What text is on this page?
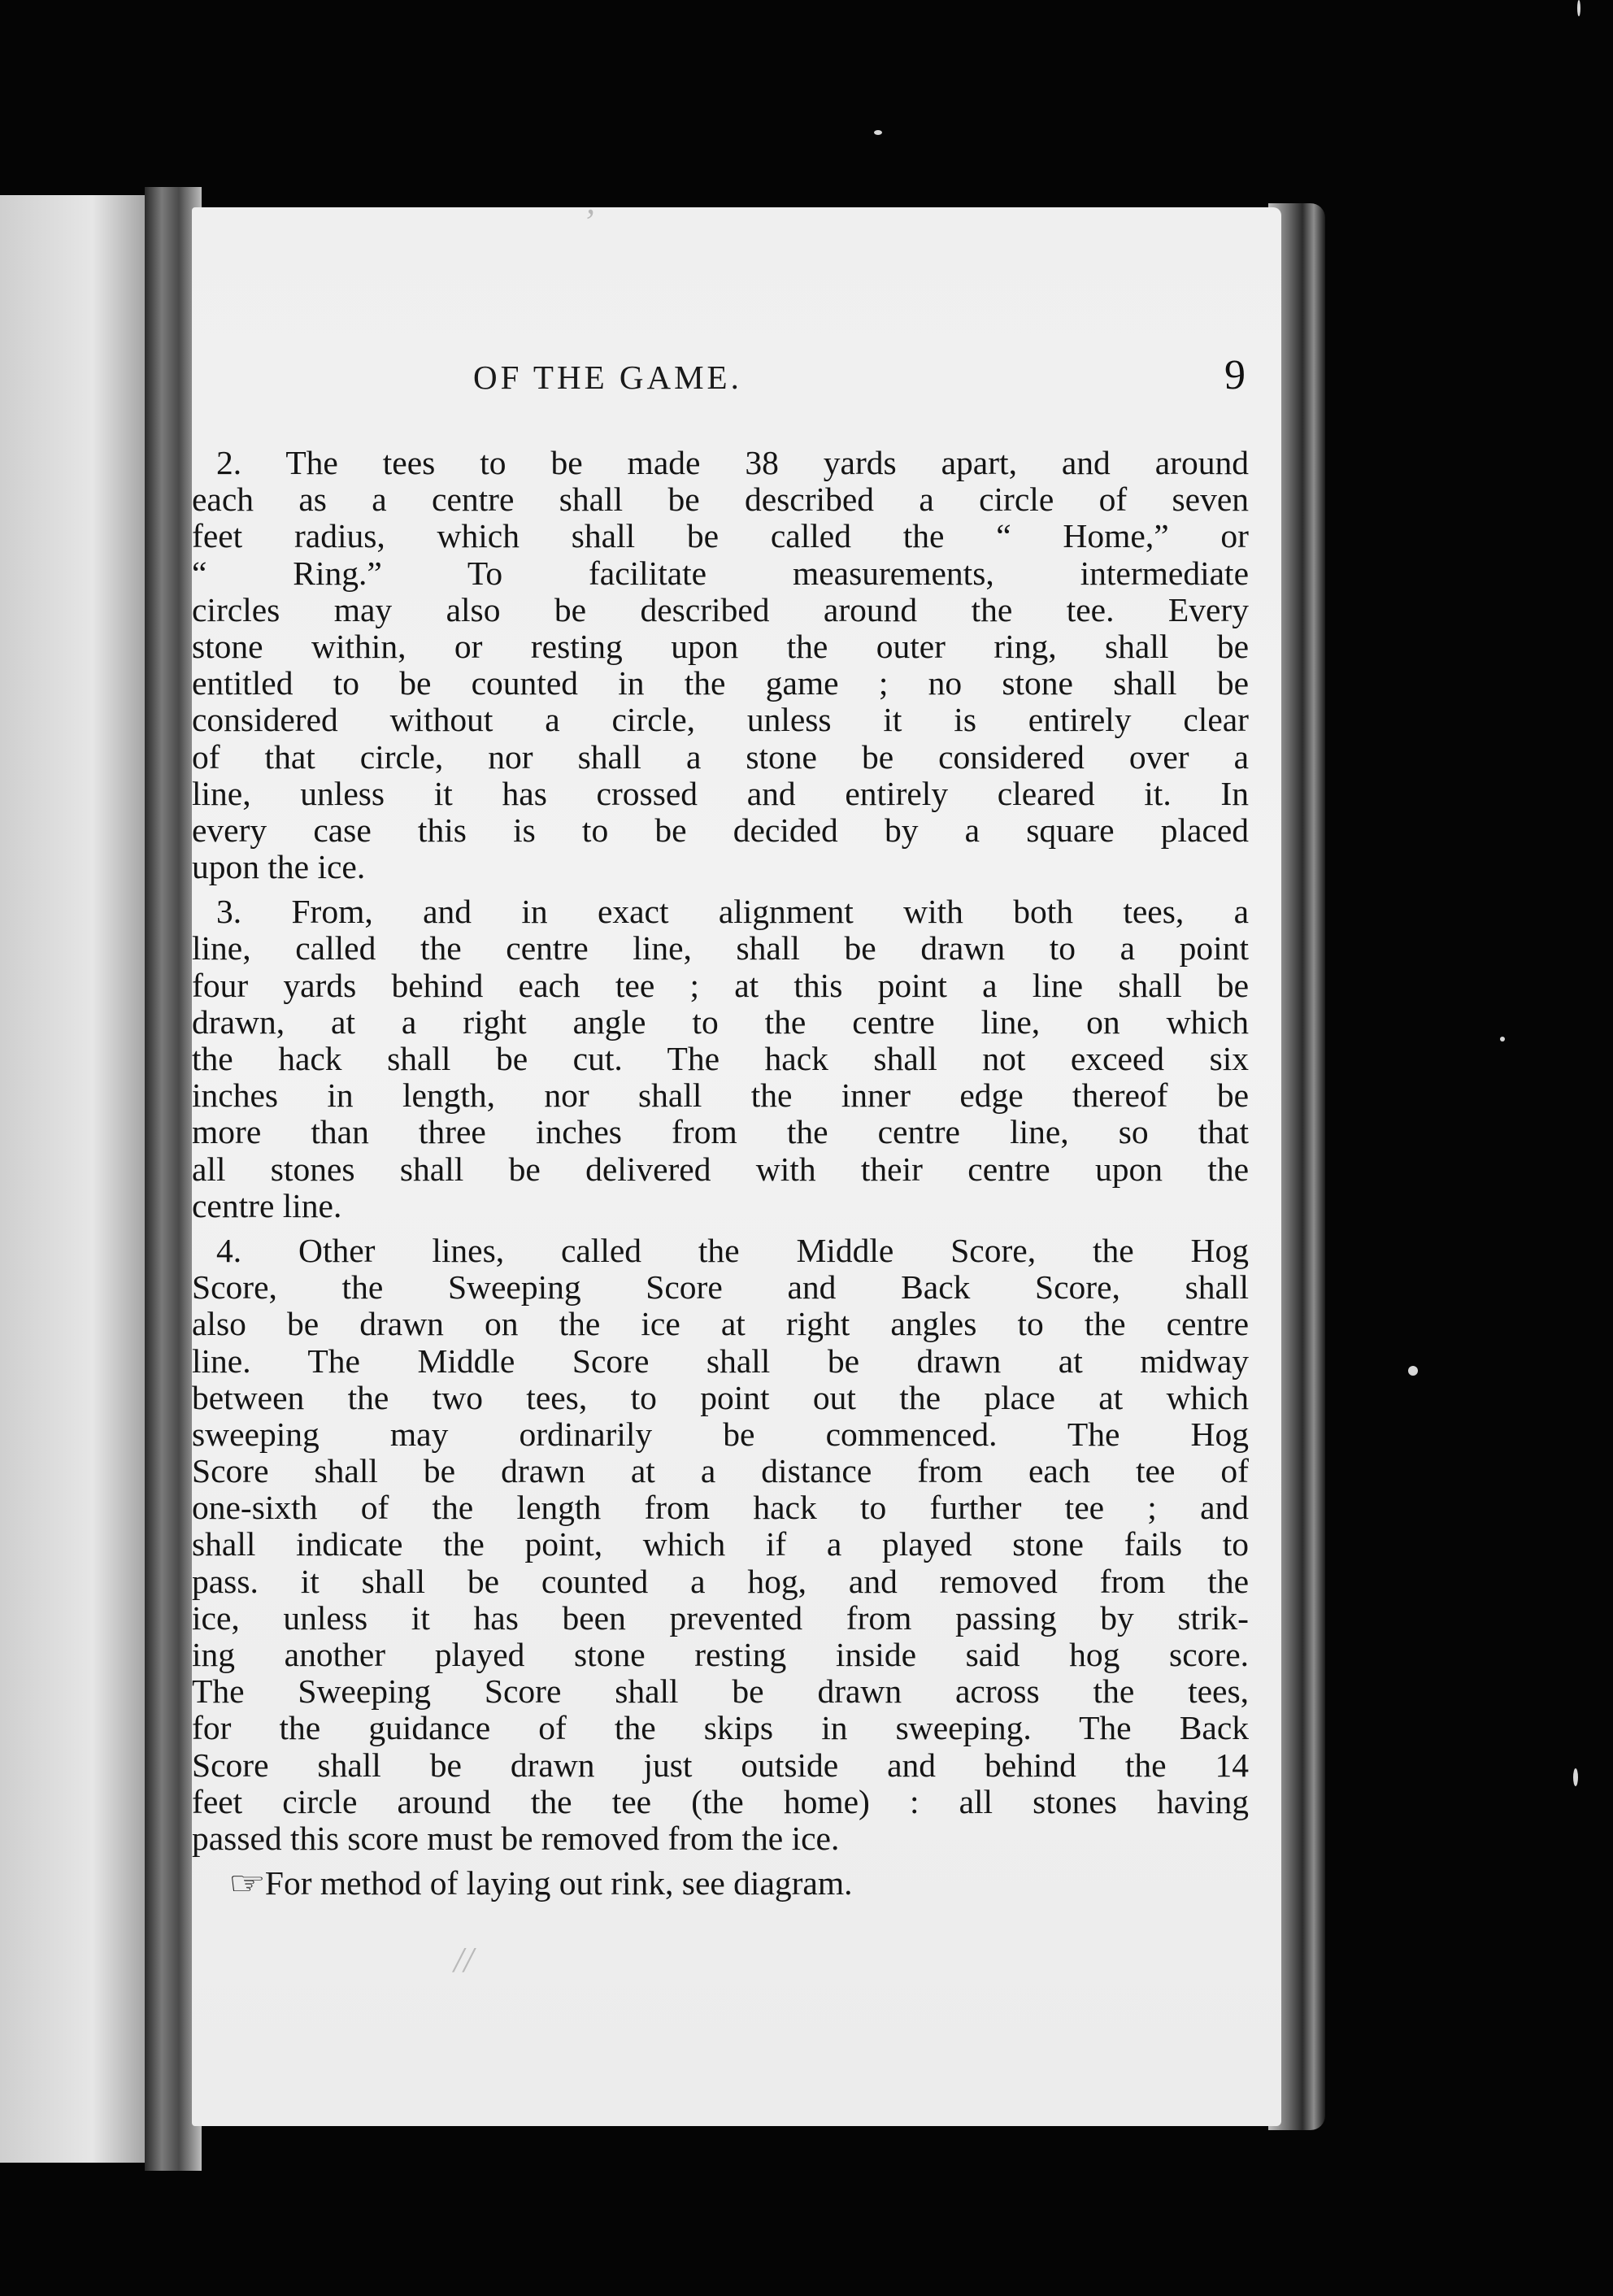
’
OF THE GAME.	9
2. The tees to be made 38 yards apart, and around
each as a centre shall be described a circle of seven
feet radius, which shall be called the “ Home,” or
“ Ring.” To facilitate measurements, intermediate
circles may also be described around the tee. Every
stone within, or resting upon the outer ring, shall be
entitled to be counted in the game ; no stone shall be
considered without a circle, unless it is entirely clear
of that circle, nor shall a stone be considered over a
line, unless it has crossed and entirely cleared it. In
every case this is to be decided by a square placed
upon the ice.
3. From, and in exact alignment with both tees, a
line, called the centre line, shall be drawn to a point
four yards behind each tee ; at this point a line shall be
drawn, at a right angle to the centre line, on which
the hack shall be cut. The hack shall not exceed six
inches in length, nor shall the inner edge thereof be
more than three inches from the centre line, so that
all stones shall be delivered with their centre upon the
centre line.
4. Other lines, called the Middle Score, the Hog
Score, the Sweeping Score and Back Score, shall
also be drawn on the ice at right angles to the centre
line. The Middle Score shall be drawn at midway
between the two tees, to point out the place at which
sweeping may ordinarily be commenced. The Hog
Score shall be drawn at a distance from each tee of
one-sixth of the length from hack to further tee ; and
shall indicate the point, which if a played stone fails to
pass. it shall be counted a hog, and removed from the
ice, unless it has been prevented from passing by strik-
ing another played stone resting inside said hog score.
The Sweeping Score shall be drawn across the tees,
for the guidance of the skips in sweeping. The Back
Score shall be drawn just outside and behind the 14
feet circle around the tee (the home) : all stones having
passed this score must be removed from the ice.
☞For method of laying out rink, see diagram.
//
